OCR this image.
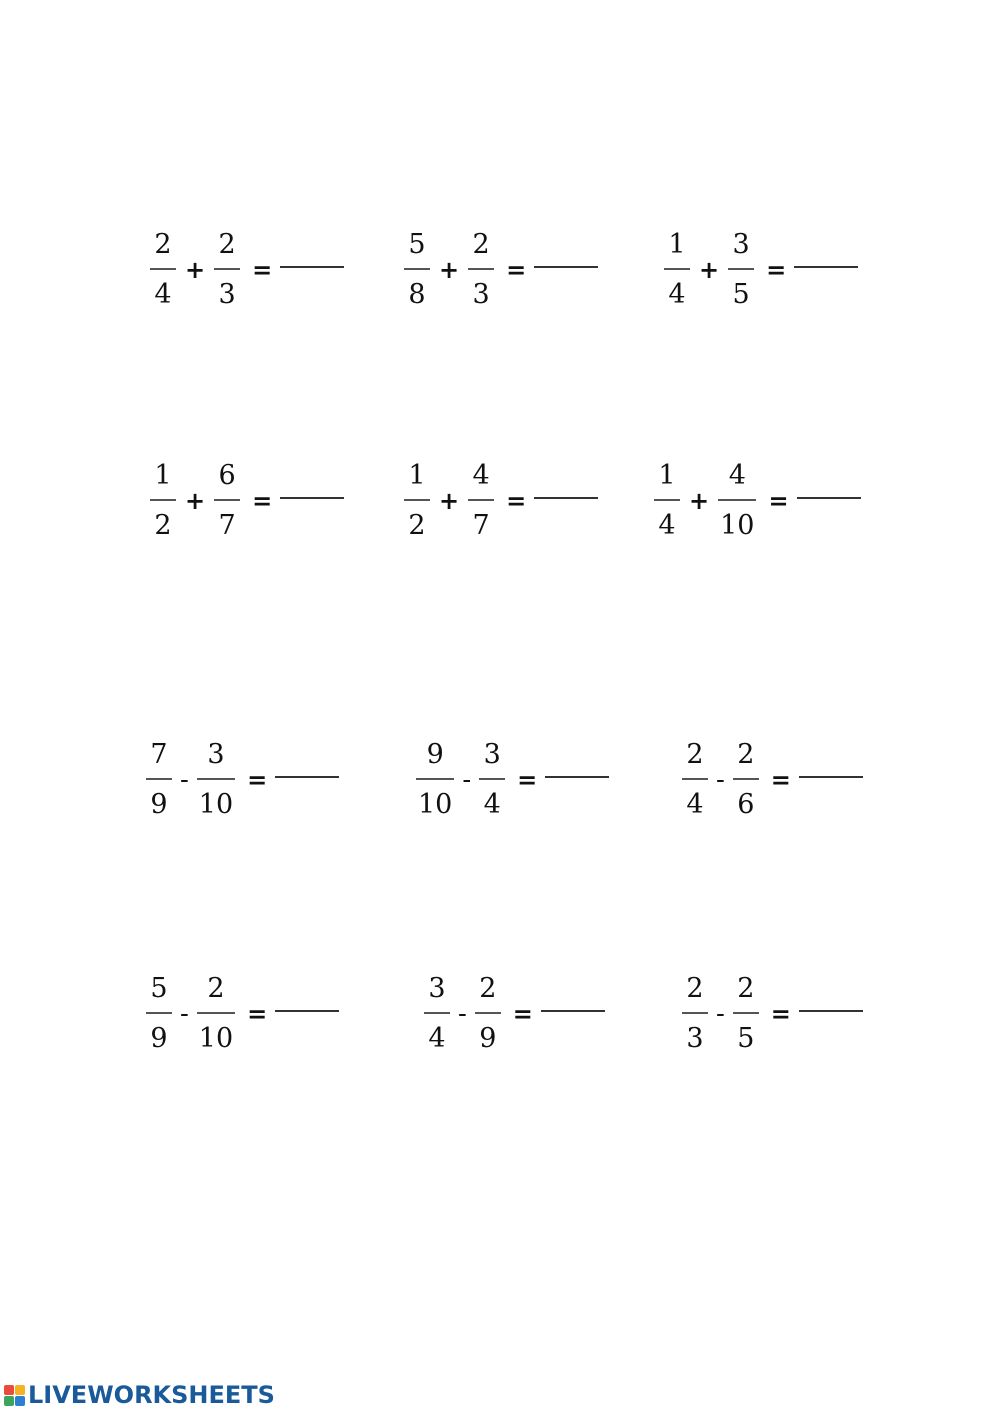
$\frac{2}{4} + \frac{2}{3}$ =	$\frac{5}{8} + \frac{2}{3}$ =	$\frac{1}{4} + \frac{3}{5}$ =
$\frac{1}{2} + \frac{6}{7}$ =	$\frac{1}{2} + \frac{4}{7}$ =	$\frac{1}{4} + \frac{4}{10}$ =
$\frac{7}{9} - \frac{3}{10}$ =	$\frac{9}{10} - \frac{3}{4}$ =	$\frac{2}{4} - \frac{2}{6}$ =
$\frac{5}{9} - \frac{2}{10}$ =	$\frac{3}{4} - \frac{2}{9}$ =	$\frac{2}{3} - \frac{2}{5}$ =
LIVEWORKSHEETS
